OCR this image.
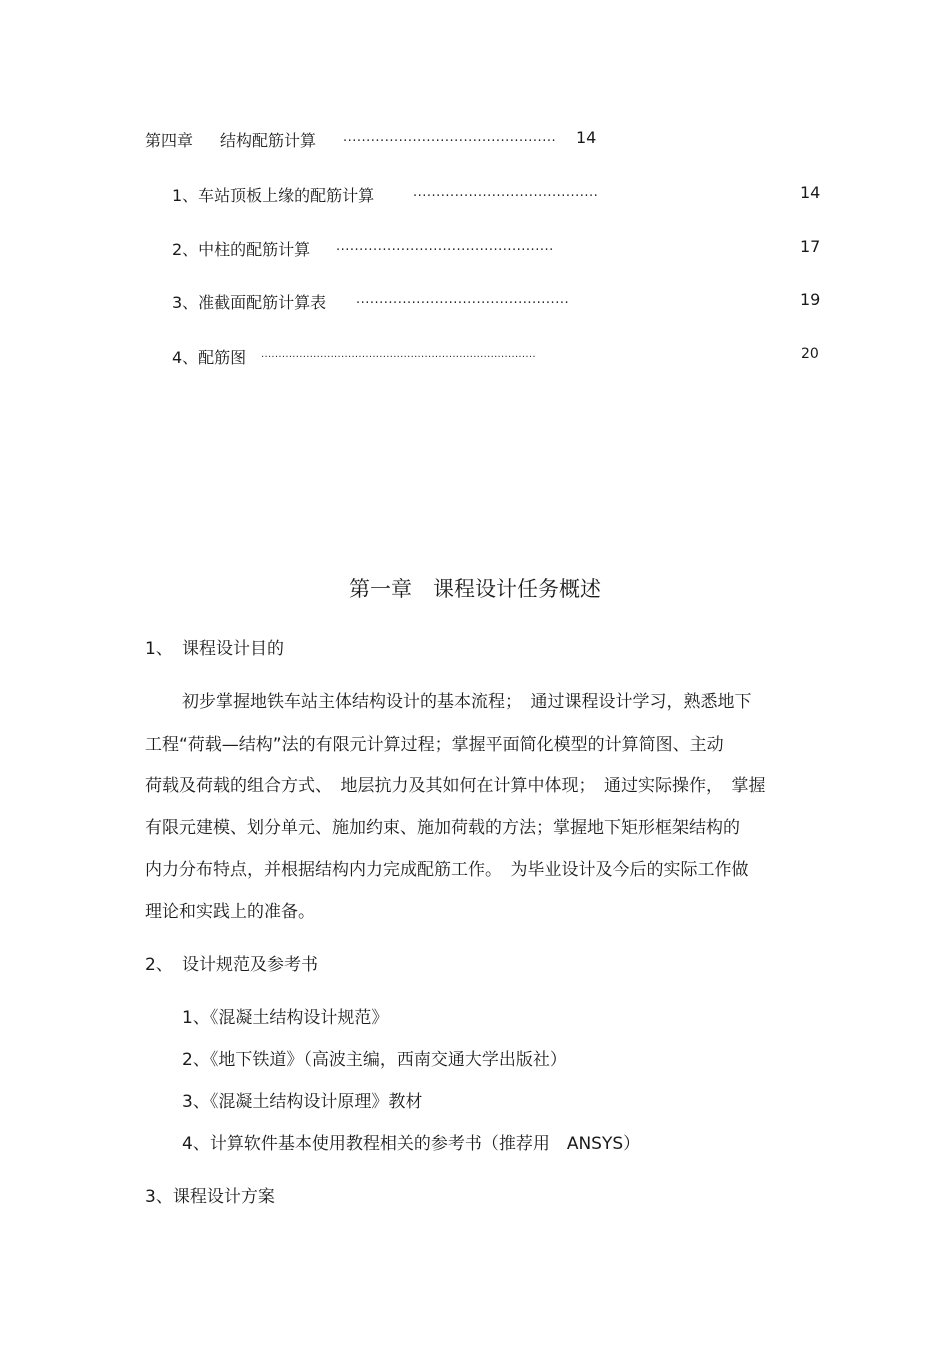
第四章 结构配筋计算 .............................................. 14
1、车站顶板上缘的配筋计算	........................................	14
2、中柱的配筋计算 ...............................................	17
3、准截面配筋计算表 ..............................................	19
4、配筋图 ...............................................................................	20
第一章　课程设计任务概述
1、 课程设计目的
初步掌握地铁车站主体结构设计的基本流程；　通过课程设计学习，熟悉地下
工程“荷载—结构”法的有限元计算过程；掌握平面简化模型的计算简图、主动
荷载及荷载的组合方式、　地层抗力及其如何在计算中体现；　通过实际操作，　掌握
有限元建模、划分单元、施加约束、施加荷载的方法；掌握地下矩形框架结构的
内力分布特点，并根据结构内力完成配筋工作。　为毕业设计及今后的实际工作做
理论和实践上的准备。
2、 设计规范及参考书
1、《混凝土结构设计规范》
2、《地下铁道》（高波主编，西南交通大学出版社）
3、《混凝土结构设计原理》教材
4、计算软件基本使用教程相关的参考书（推荐用　ANSYS）
3、课程设计方案
